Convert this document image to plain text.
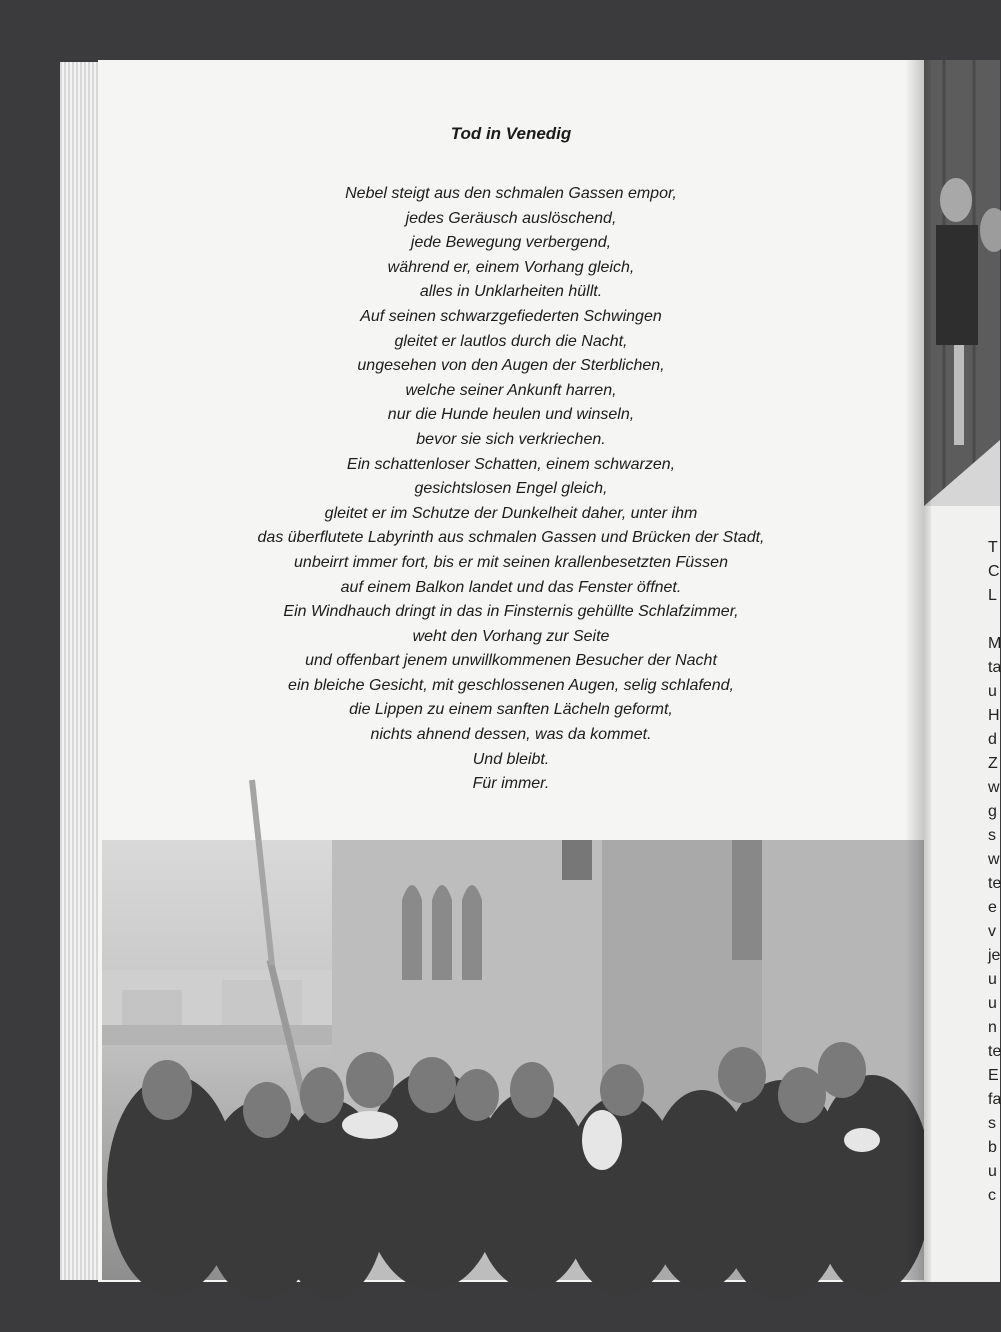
Tod in Venedig
Nebel steigt aus den schmalen Gassen empor,
jedes Geräusch auslöschend,
jede Bewegung verbergend,
während er, einem Vorhang gleich,
alles in Unklarheiten hüllt.
Auf seinen schwarzgefiederten Schwingen
gleitet er lautlos durch die Nacht,
ungesehen von den Augen der Sterblichen,
welche seiner Ankunft harren,
nur die Hunde heulen und winseln,
bevor sie sich verkriechen.
Ein schattenloser Schatten, einem schwarzen,
gesichtslosen Engel gleich,
gleitet er im Schutze der Dunkelheit daher, unter ihm
das überflutete Labyrinth aus schmalen Gassen und Brücken der Stadt,
unbeirrt immer fort, bis er mit seinen krallenbesetzten Füssen
auf einem Balkon landet und das Fenster öffnet.
Ein Windhauch dringt in das in Finsternis gehüllte Schlafzimmer,
weht den Vorhang zur Seite
und offenbart jenem unwillkommenen Besucher der Nacht
ein bleiche Gesicht, mit geschlossenen Augen, selig schlafend,
die Lippen zu einem sanften Lächeln geformt,
nichts ahnend dessen, was da kommet.
Und bleibt.
Für immer.
T
C
L
M
ta
u
H
d
Z
w
g
s
w
te
e
v
je
u
u
n
te
E
fa
s
b
u
c
